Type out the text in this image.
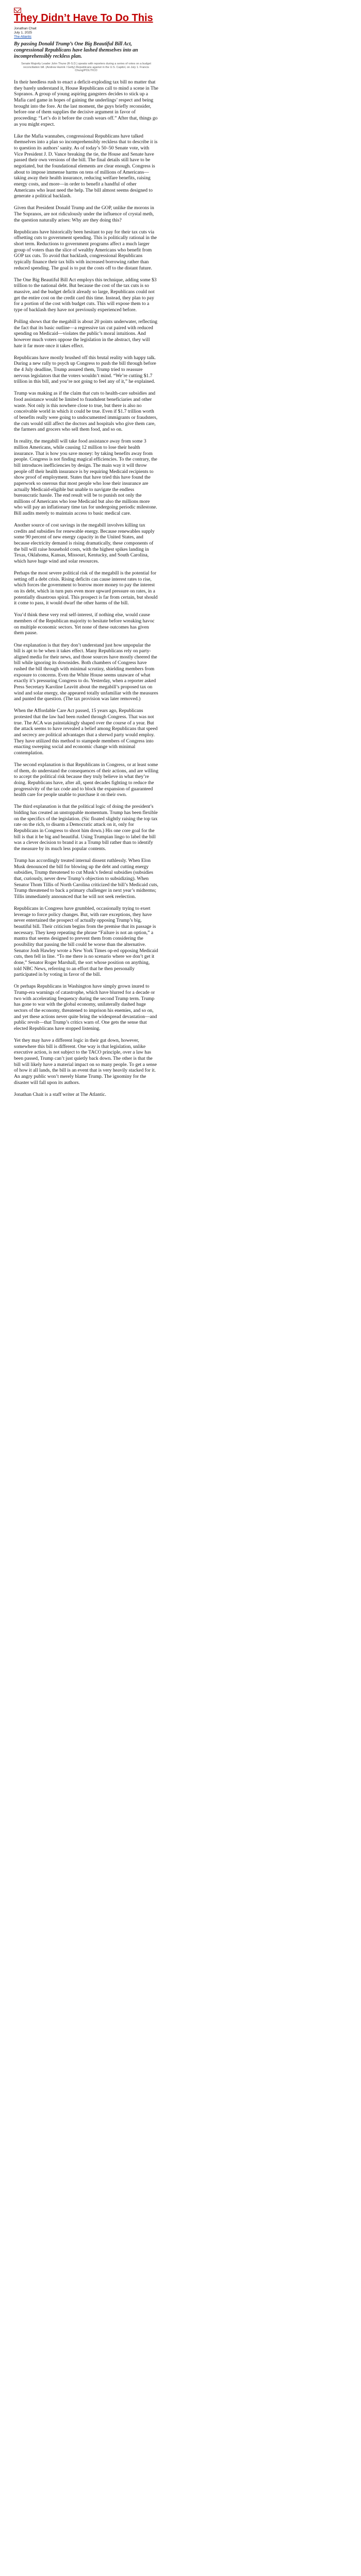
They Didn’t Have To Do This
Jonathan Chait
July 1, 2025
The Atlantic
By passing Donald Trump’s One Big Beautiful Bill Act, congressional Republicans have lashed themselves into an incomprehensibly reckless plan.
Senate Majority Leader John Thune (R-S.D.) speaks with reporters during a series of votes on a budget reconciliation bill. (Andrew Harnik / Getty) Republicans against in the U.S. Capitol, on July 1. Francis Chung/POLITICO

In their heedless rush to enact a deficit-exploding tax bill no matter that they barely understand it, House Republicans call to mind a scene in The Sopranos. A group of young aspiring gangsters decides to stick up a Mafia card game in hopes of gaining the underlings’ respect and being brought into the fore. At the last moment, the guys briefly reconsider, before one of them supplies the decisive argument in favor of proceeding: “Let’s do it before the crash wears off.” After that, things go as you might expect.

Like the Mafia wannabes, congressional Republicans have talked themselves into a plan so incomprehensibly reckless that to describe it is to question its authors’ sanity. As of today’s 50–50 Senate vote, with Vice President J. D. Vance breaking the tie, the House and Senate have passed their own versions of the bill. The final details still have to be negotiated, but the foundational elements are clear enough. Congress is about to impose immense harms on tens of millions of Americans—taking away their health insurance, reducing welfare benefits, raising energy costs, and more—in order to benefit a handful of other Americans who least need the help. The bill almost seems designed to generate a political backlash.

Given that President Donald Trump and the GOP, unlike the morons in The Sopranos, are not ridiculously under the influence of crystal meth, the question naturally arises: Why are they doing this?

Republicans have historically been hesitant to pay for their tax cuts via offsetting cuts to government spending. This is politically rational in the short term. Reductions to government programs affect a much larger group of voters than the slice of wealthy Americans who benefit from GOP tax cuts. To avoid that backlash, congressional Republicans typically finance their tax bills with increased borrowing rather than reduced spending. The goal is to put the costs off to the distant future.

The One Big Beautiful Bill Act employs this technique, adding some $3 trillion to the national debt. But because the cost of the tax cuts is so massive, and the budget deficit already so large, Republicans could not get the entire cost on the credit card this time. Instead, they plan to pay for a portion of the cost with budget cuts. This will expose them to a type of backlash they have not previously experienced before.

Polling shows that the megabill is about 20 points underwater, reflecting the fact that its basic outline—a regressive tax cut paired with reduced spending on Medicaid—violates the public’s moral intuitions. And however much voters oppose the legislation in the abstract, they will hate it far more once it takes effect.

Republicans have mostly brushed off this brutal reality with happy talk. During a new rally to psych up Congress to push the bill through before the 4 July deadline, Trump assured them, Trump tried to reassure nervous legislators that the voters wouldn’t mind. “We’re cutting $1.7 trillion in this bill, and you’re not going to feel any of it,” he explained.

Trump was making as if the claim that cuts to health-care subsidies and food assistance would be limited to fraudulent beneficiaries and other waste. Not only is this nowhere close to true, but there is also no conceivable world in which it could be true. Even if $1.7 trillion worth of benefits really were going to undocumented immigrants or fraudsters, the cuts would still affect the doctors and hospitals who give them care, the farmers and grocers who sell them food, and so on.

In reality, the megabill will take food assistance away from some 3 million Americans, while causing 12 million to lose their health insurance. That is how you save money: by taking benefits away from people. Congress is not finding magical efficiencies. To the contrary, the bill introduces inefficiencies by design. The main way it will throw people off their health insurance is by requiring Medicaid recipients to show proof of employment. States that have tried this have found the paperwork so onerous that most people who lose their insurance are actually Medicaid-eligible but unable to navigate the endless bureaucratic hassle. The end result will be to punish not only the millions of Americans who lose Medicaid but also the millions more who will pay an inflationary time tax for undergoing periodic milestone. Bill audits merely to maintain access to basic medical care.

Another source of cost savings in the megabill involves killing tax credits and subsidies for renewable energy. Because renewables supply some 90 percent of new energy capacity in the United States, and because electricity demand is rising dramatically, these components of the bill will raise household costs, with the highest spikes landing in Texas, Oklahoma, Kansas, Missouri, Kentucky, and South Carolina, which have huge wind and solar resources.

Perhaps the most severe political risk of the megabill is the potential for setting off a debt crisis. Rising deficits can cause interest rates to rise, which forces the government to borrow more money to pay the interest on its debt, which in turn puts even more upward pressure on rates, in a potentially disastrous spiral. This prospect is far from certain, but should it come to pass, it would dwarf the other harms of the bill.

You’d think these very real self-interest, if nothing else, would cause members of the Republican majority to hesitate before wreaking havoc on multiple economic sectors. Yet none of these outcomes has given them pause.

One explanation is that they don’t understand just how unpopular the bill is apt to be when it takes effect. Many Republicans rely on party-aligned media for their news, and those sources have mostly cheered the bill while ignoring its downsides. Both chambers of Congress have rushed the bill through with minimal scrutiny, shielding members from exposure to concerns. Even the White House seems unaware of what exactly it’s pressuring Congress to do. Yesterday, when a reporter asked Press Secretary Karoline Leavitt about the megabill’s proposed tax on wind and solar energy, she appeared totally unfamiliar with the measures and punted the question. (The tax provision was later removed.)

When the Affordable Care Act passed, 15 years ago, Republicans protested that the law had been rushed through Congress. That was not true. The ACA was painstakingly shaped over the course of a year. But the attack seems to have revealed a belief among Republicans that speed and secrecy are political advantages that a shrewd party would employ. They have utilized this method to stampede members of Congress into enacting sweeping social and economic change with minimal contemplation.

The second explanation is that Republicans in Congress, or at least some of them, do understand the consequences of their actions, and are willing to accept the political risk because they truly believe in what they’re doing. Republicans have, after all, spent decades fighting to reduce the progressivity of the tax code and to block the expansion of guaranteed health care for people unable to purchase it on their own.

The third explanation is that the political logic of doing the president’s bidding has created an unstoppable momentum. Trump has been flexible on the specifics of the legislation. (Sic floated slightly raising the top tax rate on the rich, to disarm a Democratic attack on it, only for Republicans in Congress to shoot him down.) His one core goal for the bill is that it be big and beautiful. Using Trumpian lingo to label the bill was a clever decision to brand it as a Trump bill rather than to identify the measure by its much less popular contents.

Trump has accordingly treated internal dissent ruthlessly. When Elon Musk denounced the bill for blowing up the debt and cutting energy subsidies, Trump threatened to cut Musk’s federal subsidies (subsidies that, curiously, never drew Trump’s objection to subsidizing). When Senator Thom Tillis of North Carolina criticized the bill’s Medicaid cuts, Trump threatened to back a primary challenger in next year’s midterms; Tillis immediately announced that he will not seek reelection.

Republicans in Congress have grumbled, occasionally trying to exert leverage to force policy changes. But, with rare exceptions, they have never entertained the prospect of actually opposing Trump’s big, beautiful bill. Their criticism begins from the premise that its passage is necessary. They keep repeating the phrase “Failure is not an option,” a mantra that seems designed to prevent them from considering the possibility that passing the bill could be worse than the alternative. Senator Josh Hawley wrote a New York Times op-ed opposing Medicaid cuts, then fell in line. “To me there is no scenario where we don’t get it done,” Senator Roger Marshall, the sort whose position on anything, told NBC News, referring to an effort that he then personally participated in by voting in favor of the bill.

Or perhaps Republicans in Washington have simply grown inured to Trump-era warnings of catastrophe, which have blurred for a decade or two with accelerating frequency during the second Trump term. Trump has gone to war with the global economy, unilaterally dashed huge sectors of the economy, threatened to imprison his enemies, and so on, and yet these actions never quite bring the widespread devastation—and public revolt—that Trump’s critics warn of. One gets the sense that elected Republicans have stopped listening.

Yet they may have a different logic in their gut down, however, somewhere this bill is different. One way is that legislation, unlike executive action, is not subject to the TACO principle, over a law has been passed, Trump can’t just quietly back down. The other is that the bill will likely have a material impact on so many people. To get a sense of how it all lands, the bill is an event that is very heavily stacked for it. An angry public won’t merely blame Trump. The ignominy for the disaster will fall upon its authors.

Jonathan Chait is a staff writer at The Atlantic.
